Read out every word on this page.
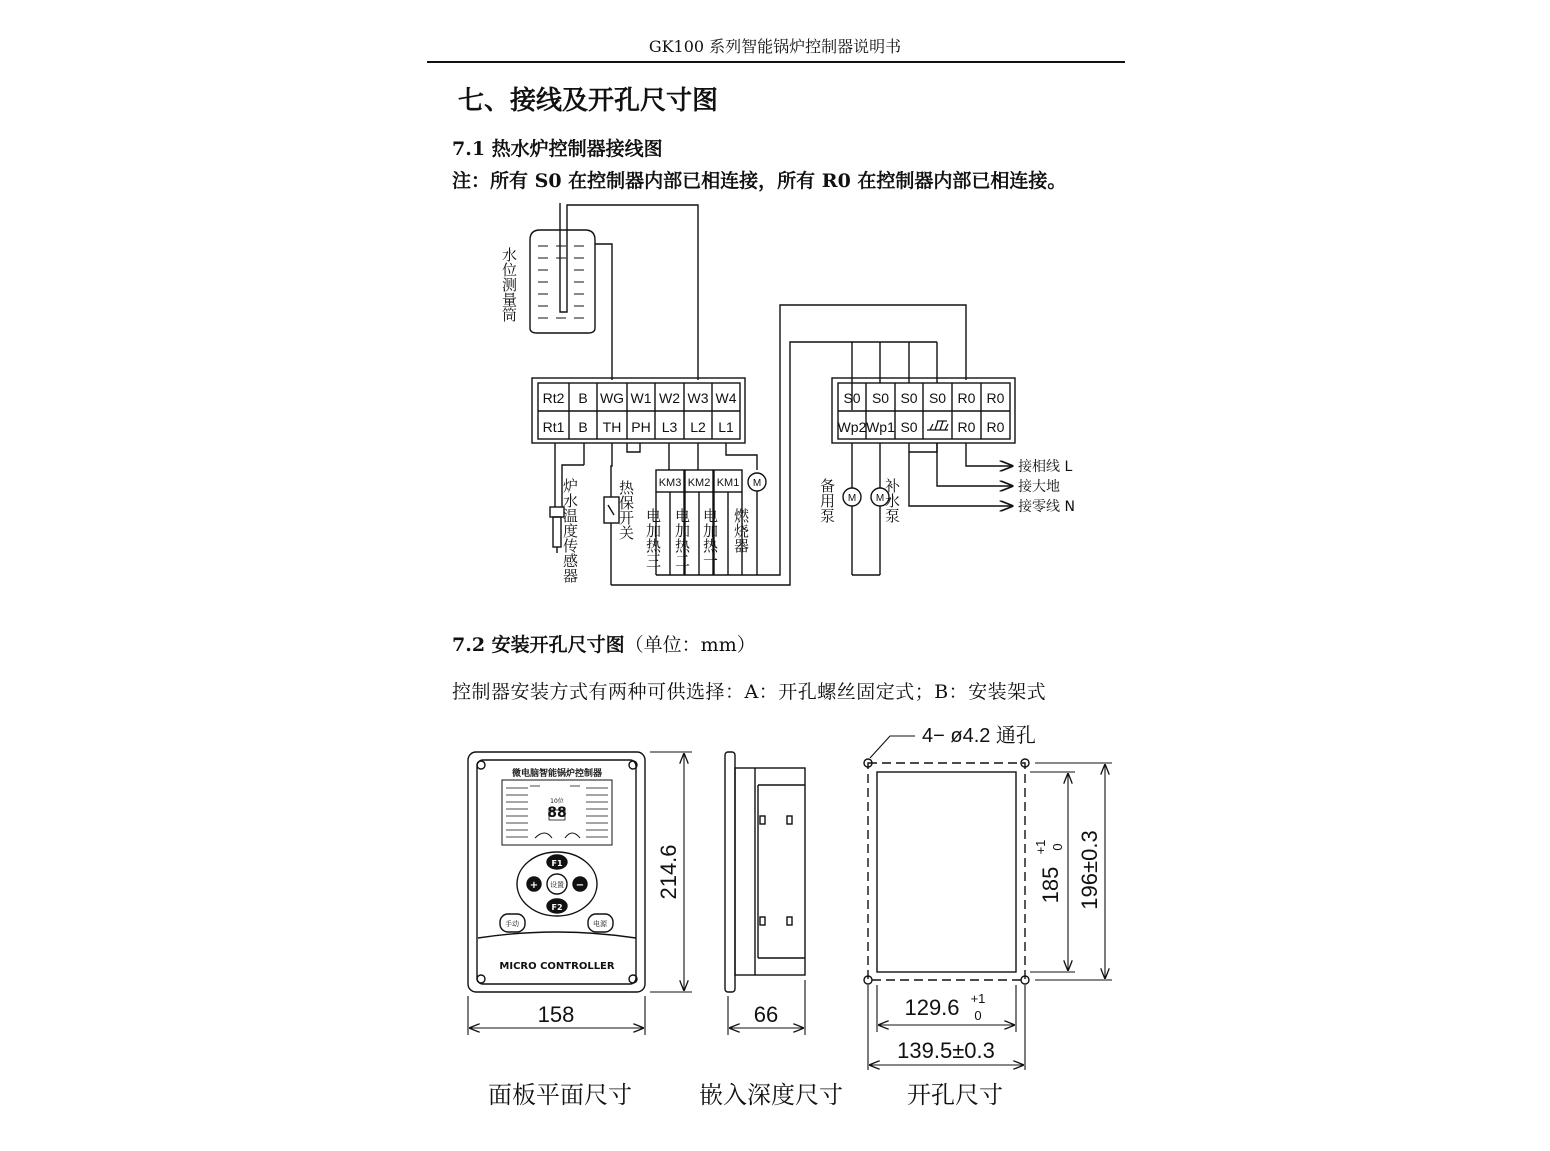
GK100 系列智能锅炉控制器说明书
七、接线及开孔尺寸图
7.1 热水炉控制器接线图
注：所有 S0 在控制器内部已相连接，所有 R0 在控制器内部已相连接。
7.2 安装开孔尺寸图（单位：mm）
控制器安装方式有两种可供选择：A：开孔螺丝固定式；B：安装架式
水位测量筒
Rt2 B WG W1 W2 W3 W4
Rt1 B TH PH L3 L2 L1
S0 S0 S0 S0 R0 R0
Wp2 Wp1 S0	R0 R0
炉水温度传感器	热保开关 电加热三 电加热二 电加热一 燃烧器
备用泵	补水泵
接相线 L
接大地
接零线 N
KM3 KM2 KM1 M
M M
微电脑智能锅炉控制器
88
10位
F1
F2
设置
+	−
手动	电源
MICRO CONTROLLER
158
214.6
66
4− ø4.2 通孔
129.6 +1
0
139.5±0.3
185
+1 0 196±0.3
面板平面尺寸	嵌入深度尺寸	开孔尺寸
